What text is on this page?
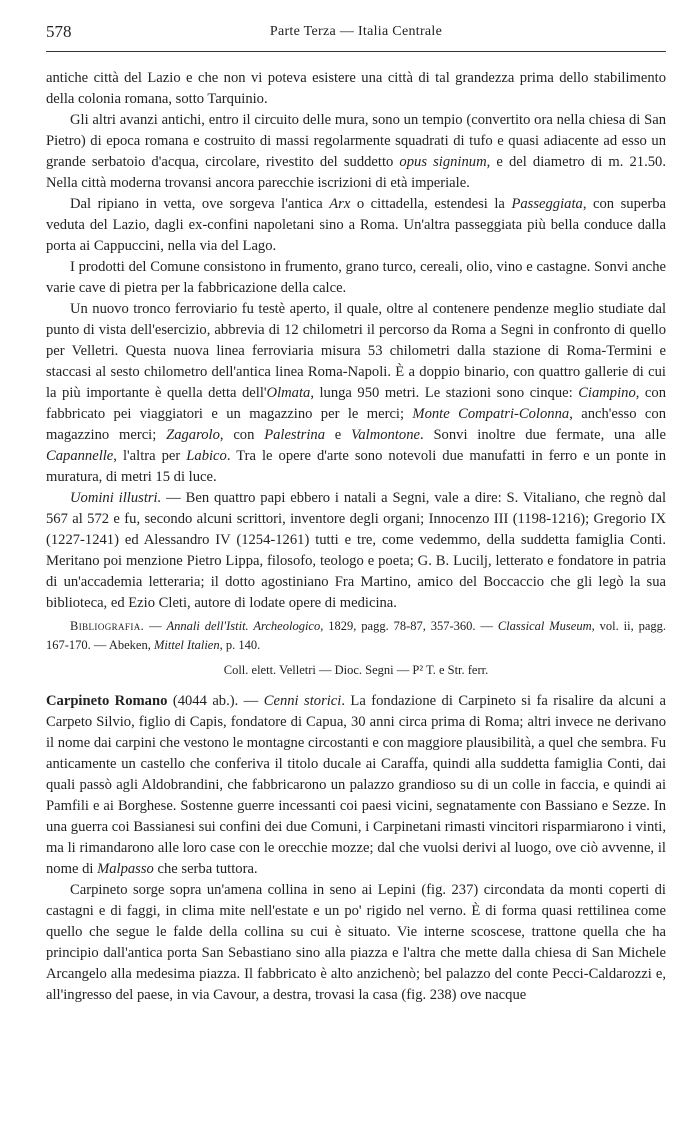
578	Parte Terza — Italia Centrale

antiche città del Lazio e che non vi poteva esistere una città di tal grandezza prima dello stabilimento della colonia romana, sotto Tarquinio.

Gli altri avanzi antichi, entro il circuito delle mura, sono un tempio (convertito ora nella chiesa di San Pietro) di epoca romana e costruito di massi regolarmente squadrati di tufo e quasi adiacente ad esso un grande serbatoio d'acqua, circolare, rivestito del suddetto opus signinum, e del diametro di m. 21.50. Nella città moderna trovansi ancora parecchie iscrizioni di età imperiale.

Dal ripiano in vetta, ove sorgeva l'antica Arx o cittadella, estendesi la Passeggiata, con superba veduta del Lazio, dagli ex-confini napoletani sino a Roma. Un'altra passeggiata più bella conduce dalla porta ai Cappuccini, nella via del Lago.

I prodotti del Comune consistono in frumento, grano turco, cereali, olio, vino e castagne. Sonvi anche varie cave di pietra per la fabbricazione della calce.

Un nuovo tronco ferroviario fu testè aperto, il quale, oltre al contenere pendenze meglio studiate dal punto di vista dell'esercizio, abbrevia di 12 chilometri il percorso da Roma a Segni in confronto di quello per Velletri. Questa nuova linea ferroviaria misura 53 chilometri dalla stazione di Roma-Termini e staccasi al sesto chilometro dell'antica linea Roma-Napoli. È a doppio binario, con quattro gallerie di cui la più importante è quella detta dell'Olmata, lunga 950 metri. Le stazioni sono cinque: Ciampino, con fabbricato pei viaggiatori e un magazzino per le merci; Monte Compatri-Colonna, anch'esso con magazzino merci; Zagarolo, con Palestrina e Valmontone. Sonvi inoltre due fermate, una alle Capannelle, l'altra per Labico. Tra le opere d'arte sono notevoli due manufatti in ferro e un ponte in muratura, di metri 15 di luce.

Uomini illustri. — Ben quattro papi ebbero i natali a Segni, vale a dire: S. Vitaliano, che regnò dal 567 al 572 e fu, secondo alcuni scrittori, inventore degli organi; Innocenzo III (1198-1216); Gregorio IX (1227-1241) ed Alessandro IV (1254-1261) tutti e tre, come vedemmo, della suddetta famiglia Conti. Meritano poi menzione Pietro Lippa, filosofo, teologo e poeta; G. B. Lucilj, letterato e fondatore in patria di un'accademia letteraria; il dotto agostiniano Fra Martino, amico del Boccaccio che gli legò la sua biblioteca, ed Ezio Cleti, autore di lodate opere di medicina.

Bibliografia. — Annali dell'Istit. Archeologico, 1829, pagg. 78-87, 357-360. — Classical Museum, vol. ii, pagg. 167-170. — Abeken, Mittel Italien, p. 140.

Coll. elett. Velletri — Dioc. Segni — P² T. e Str. ferr.

Carpineto Romano (4044 ab.). — Cenni storici. La fondazione di Carpineto si fa risalire da alcuni a Carpeto Silvio, figlio di Capis, fondatore di Capua, 30 anni circa prima di Roma; altri invece ne derivano il nome dai carpini che vestono le montagne circostanti e con maggiore plausibilità, a quel che sembra. Fu anticamente un castello che conferiva il titolo ducale ai Caraffa, quindi alla suddetta famiglia Conti, dai quali passò agli Aldobrandini, che fabbricarono un palazzo grandioso su di un colle in faccia, e quindi ai Pamfili e ai Borghese. Sostenne guerre incessanti coi paesi vicini, segnatamente con Bassiano e Sezze. In una guerra coi Bassianesi sui confini dei due Comuni, i Carpinetani rimasti vincitori risparmiarono i vinti, ma li rimandarono alle loro case con le orecchie mozze; dal che vuolsi derivi al luogo, ove ciò avvenne, il nome di Malpasso che serba tuttora.

Carpineto sorge sopra un'amena collina in seno ai Lepini (fig. 237) circondata da monti coperti di castagni e di faggi, in clima mite nell'estate e un po' rigido nel verno. È di forma quasi rettilinea come quello che segue le falde della collina su cui è situato. Vie interne scoscese, trattone quella che ha principio dall'antica porta San Sebastiano sino alla piazza e l'altra che mette dalla chiesa di San Michele Arcangelo alla medesima piazza. Il fabbricato è alto anzichenò; bel palazzo del conte Pecci-Caldarozzi e, all'ingresso del paese, in via Cavour, a destra, trovasi la casa (fig. 238) ove nacque
